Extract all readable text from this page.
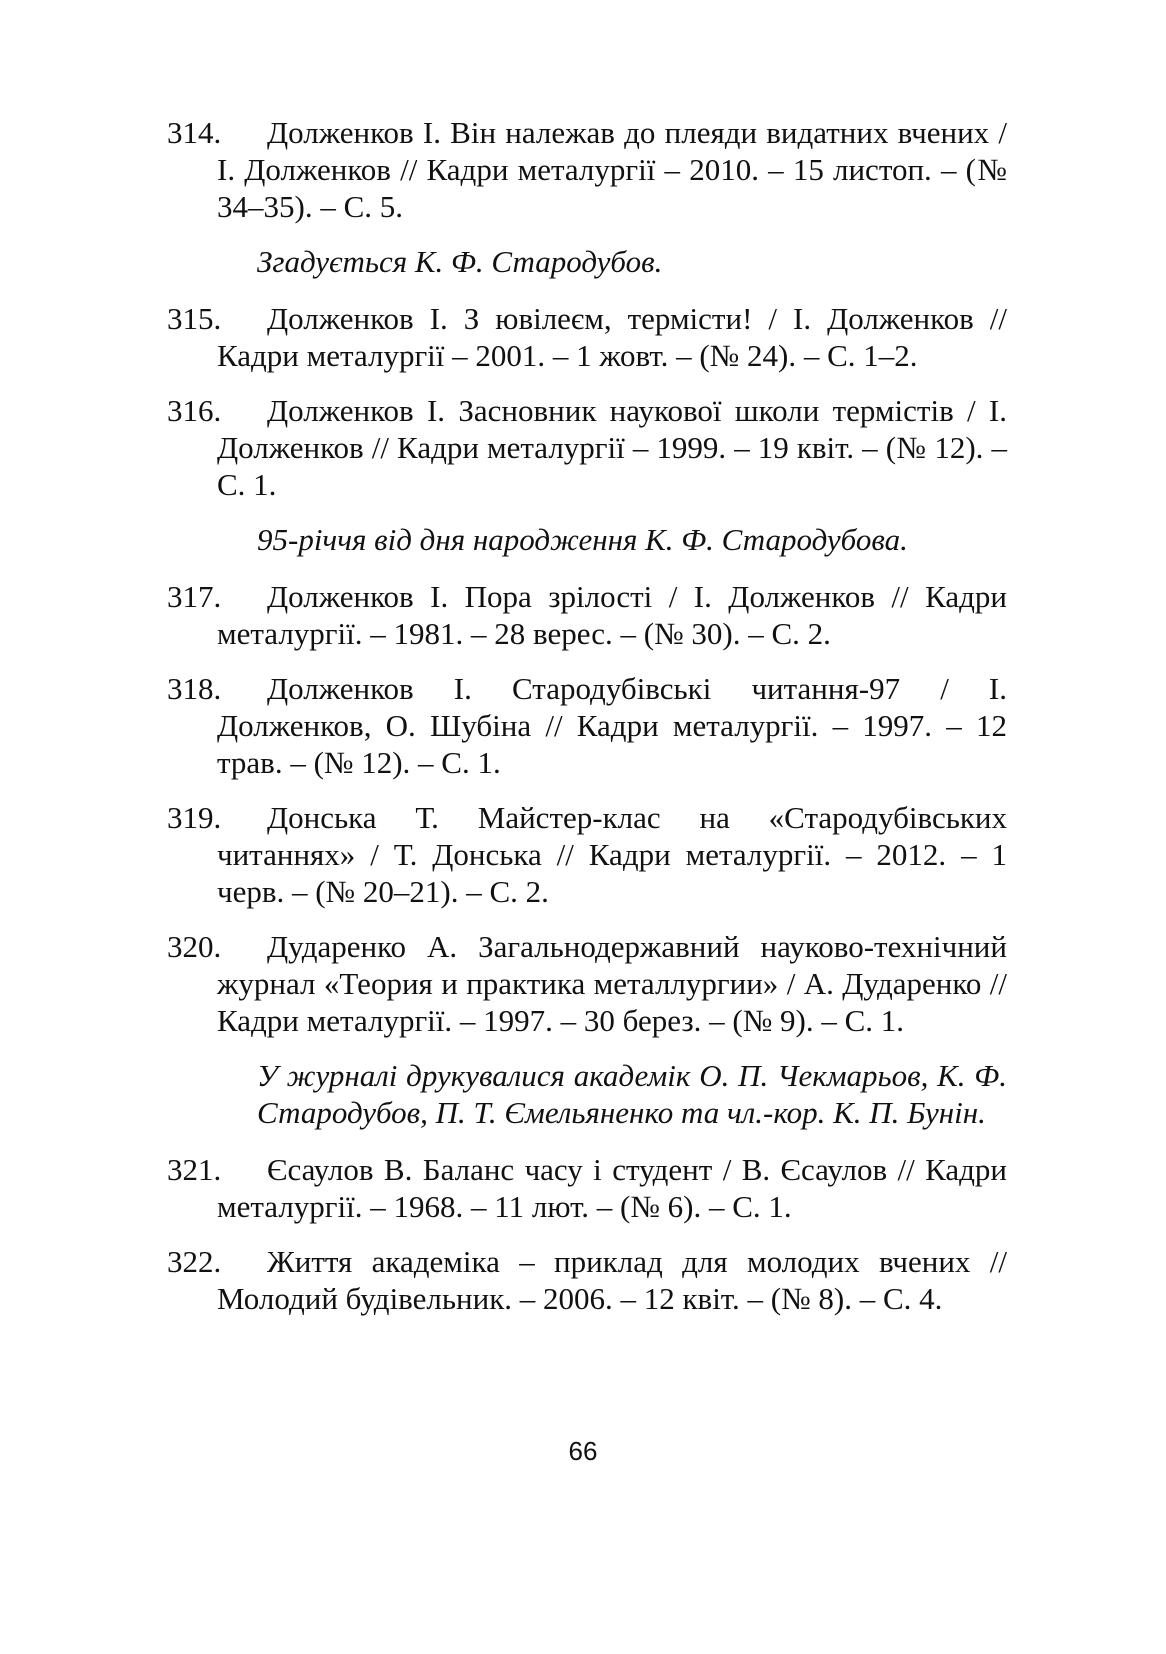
314.	Долженков І. Він належав до плеяди видатних вчених / І. Долженков // Кадри металургії – 2010. – 15 листоп. – (№ 34–35). – С. 5.
Згадується К. Ф. Стародубов.
315.	Долженков І. З ювілеєм, термісти! / І. Долженков // Кадри металургії – 2001. – 1 жовт. – (№ 24). – С. 1–2.
316.	Долженков І. Засновник наукової школи термістів / І. Долженков // Кадри металургії – 1999. – 19 квіт. – (№ 12). – С. 1.
95-річчя від дня народження К. Ф. Стародубова.
317.	Долженков І. Пора зрілості / І. Долженков // Кадри металургії. – 1981. – 28 верес. – (№ 30). – С. 2.
318.	Долженков І. Стародубівські читання-97 / І. Долженков, О. Шубіна // Кадри металургії. – 1997. – 12 трав. – (№ 12). – С. 1.
319.	Донська Т. Майстер-клас на «Стародубівських читаннях» / Т. Донська // Кадри металургії. – 2012. – 1 черв. – (№ 20–21). – С. 2.
320.	Дударенко А. Загальнодержавний науково-технічний журнал «Теория и практика металлургии» / А. Дударенко // Кадри металургії. – 1997. – 30 берез. – (№ 9). – С. 1.
У журналі друкувалися академік О. П. Чекмарьов, К. Ф. Стародубов, П. Т. Ємельяненко та чл.-кор. К. П. Бунін.
321.	Єсаулов В. Баланс часу і студент / В. Єсаулов // Кадри металургії. – 1968. – 11 лют. – (№ 6). – С. 1.
322.	Життя академіка – приклад для молодих вчених // Молодий будівельник. – 2006. – 12 квіт. – (№ 8). – С. 4.
66
